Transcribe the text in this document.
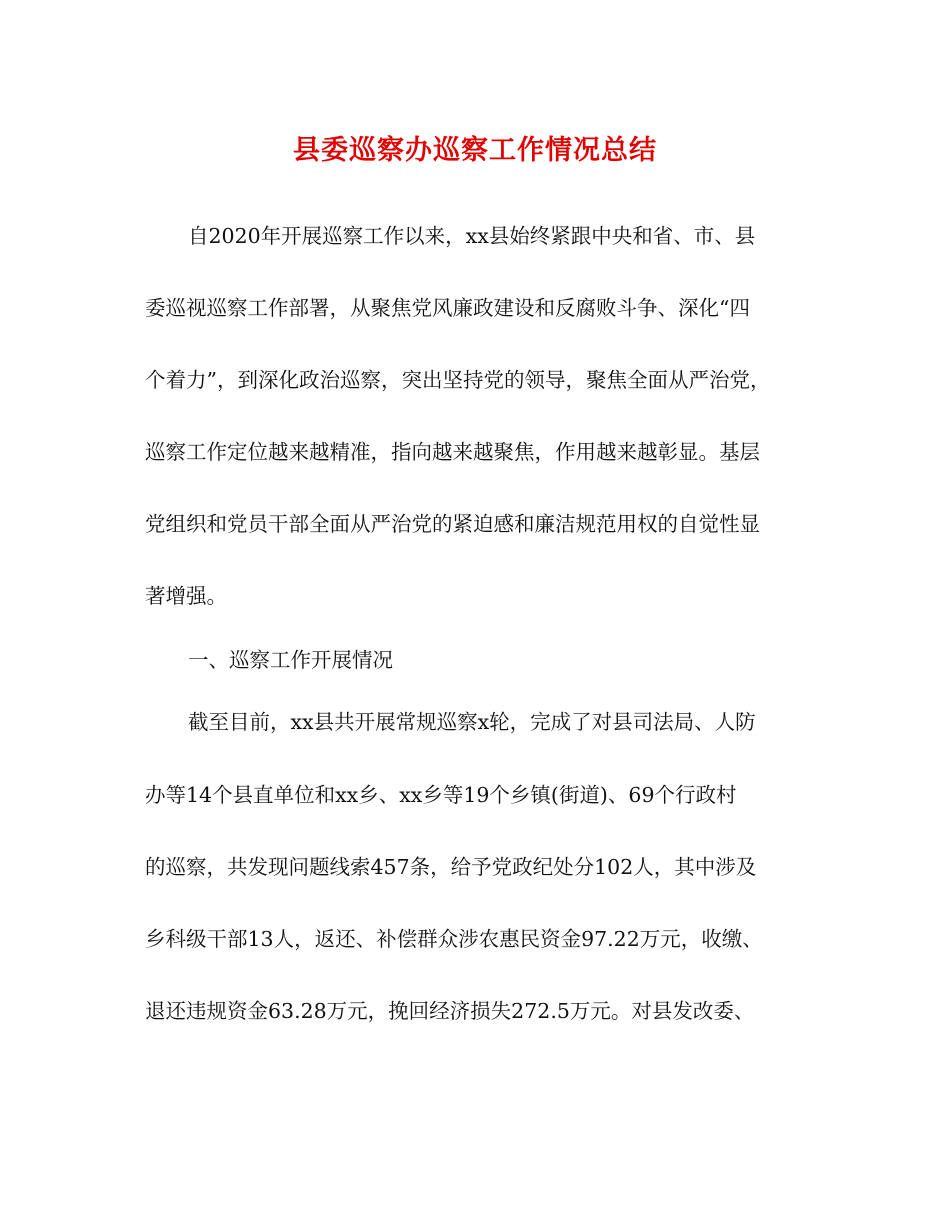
县委巡察办巡察工作情况总结
自2020年开展巡察工作以来，xx县始终紧跟中央和省、市、县
委巡视巡察工作部署，从聚焦党风廉政建设和反腐败斗争、深化“四
个着力”，到深化政治巡察，突出坚持党的领导，聚焦全面从严治党，
巡察工作定位越来越精准，指向越来越聚焦，作用越来越彰显。基层
党组织和党员干部全面从严治党的紧迫感和廉洁规范用权的自觉性显
著增强。
一、巡察工作开展情况
截至目前，xx县共开展常规巡察x轮，完成了对县司法局、人防
办等14个县直单位和xx乡、xx乡等19个乡镇(街道)、69个行政村
的巡察，共发现问题线索457条，给予党政纪处分102人，其中涉及
乡科级干部13人，返还、补偿群众涉农惠民资金97.22万元，收缴、
退还违规资金63.28万元，挽回经济损失272.5万元。对县发改委、
